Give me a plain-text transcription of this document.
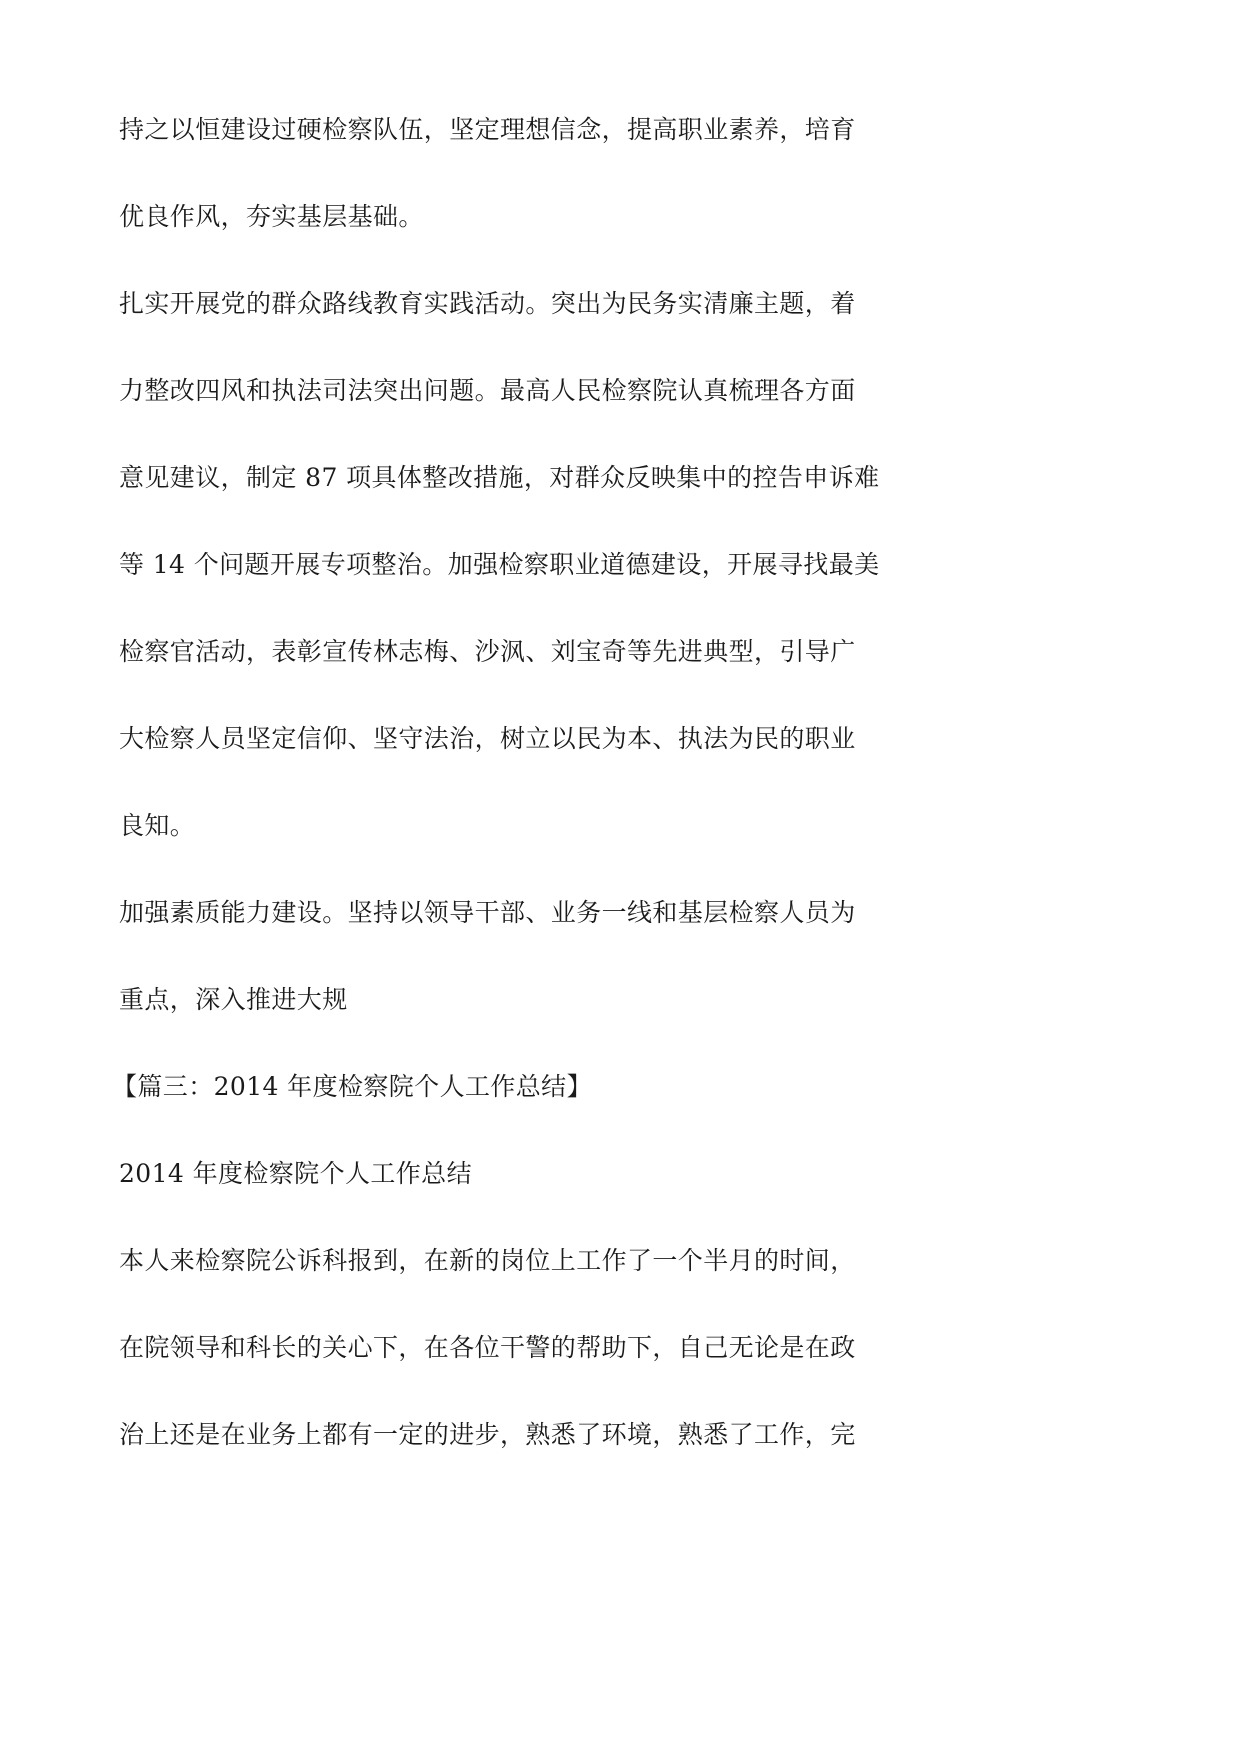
持之以恒建设过硬检察队伍，坚定理想信念，提高职业素养，培育

优良作风，夯实基层基础。

扎实开展党的群众路线教育实践活动。突出为民务实清廉主题，着

力整改四风和执法司法突出问题。最高人民检察院认真梳理各方面

意见建议，制定 87 项具体整改措施，对群众反映集中的控告申诉难

等 14 个问题开展专项整治。加强检察职业道德建设，开展寻找最美

检察官活动，表彰宣传林志梅、沙沨、刘宝奇等先进典型，引导广

大检察人员坚定信仰、坚守法治，树立以民为本、执法为民的职业

良知。

加强素质能力建设。坚持以领导干部、业务一线和基层检察人员为

重点，深入推进大规

【篇三：2014 年度检察院个人工作总结】

2014 年度检察院个人工作总结

本人来检察院公诉科报到，在新的岗位上工作了一个半月的时间，

在院领导和科长的关心下，在各位干警的帮助下，自己无论是在政

治上还是在业务上都有一定的进步，熟悉了环境，熟悉了工作，完
